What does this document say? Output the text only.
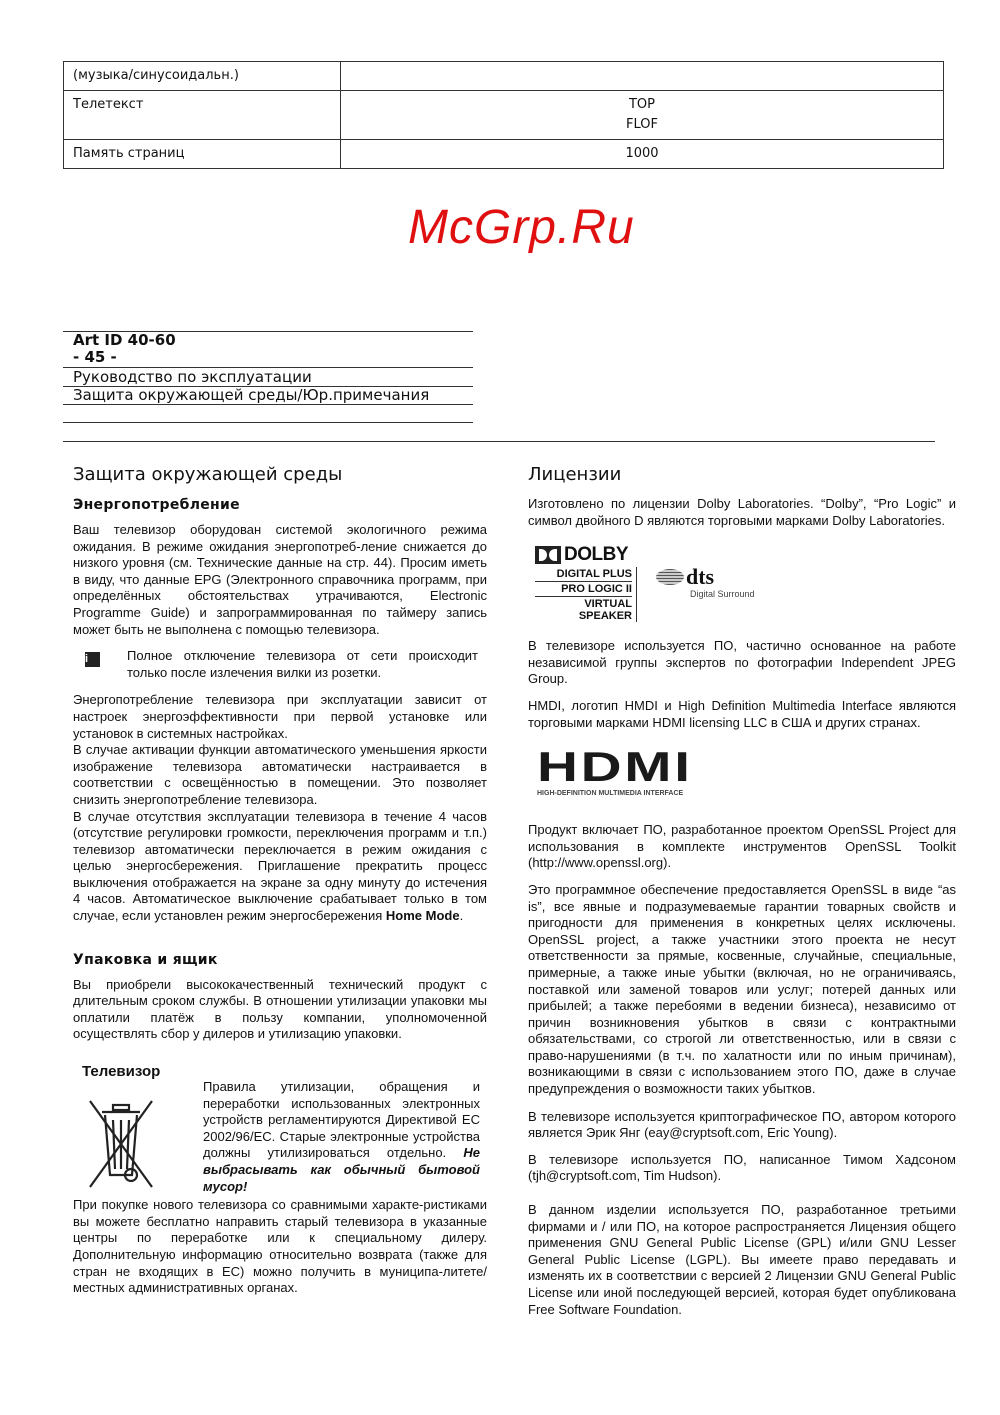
(музыка/синусоидальн.)	
Телетекст	TOP
FLOF

Память страниц	1000
McGrp.Ru
Art ID 40-60
- 45 -
Руководство по эксплуатации
Защита окружающей среды/Юр.примечания
Защита окружающей среды
Энергопотребление
Ваш телевизор оборудован системой экологичного режима ожидания. В режиме ожидания энергопотреб-ление снижается до низкого уровня (см. Технические данные на стр. 44). Просим иметь в виду, что данные EPG (Электронного справочника программ, при определённых обстоятельствах утрачиваются, Electronic Programme Guide) и запрограммированная по таймеру запись может быть не выполнена с помощью телевизора.
i	Полное отключение телевизора от сети происходит только после излечения вилки из розетки.
Энергопотребление телевизора при эксплуатации зависит от настроек энергоэффективности при первой установке или установок в системных настройках.
В случае активации функции автоматического уменьшения яркости изображение телевизора автоматически настраивается в соответствии с освещённостью в помещении. Это позволяет снизить энергопотребление телевизора.
В случае отсутствия эксплуатации телевизора в течение 4 часов (отсутствие регулировки громкости, переключения программ и т.п.) телевизор автоматически переключается в режим ожидания с целью энергосбережения. Приглашение прекратить процесс выключения отображается на экране за одну минуту до истечения 4 часов. Автоматическое выключение срабатывает только в том случае, если установлен режим энергосбережения Home Mode.
Упаковка и ящик
Вы приобрели высококачественный технический продукт с длительным сроком службы. В отношении утилизации упаковки мы оплатили платёж в пользу компании, уполномоченной осуществлять сбор у дилеров и утилизацию упаковки.
Телевизор
Правила утилизации, обращения и переработки использованных электронных устройств регламентируются Директивой ЕС 2002/96/EC. Старые электронные устройства должны утилизироваться отдельно. Не выбрасывать как обычный бытовой мусор!
При покупке нового телевизора со сравнимыми характе-ристиками вы можете бесплатно направить старый телевизора в указанные центры по переработке или к специальному дилеру. Дополнительную информацию относительно возврата (также для стран не входящих в ЕС) можно получить в муниципа-литете/местных административных органах.
Лицензии
Изготовлено по лицензии Dolby Laboratories. “Dolby”, “Pro Logic” и символ двойного D являются торговыми марками Dolby Laboratories.
DOLBY
DIGITAL PLUS
PRO LOGIC II
VIRTUAL
SPEAKER
dts
Digital Surround
В телевизоре используется ПО, частично основанное на работе независимой группы экспертов по фотографии Independent JPEG Group.
HMDI, логотип HMDI и High Definition Multimedia Interface являются торговыми марками HDMI licensing LLC в США и других странах.
HDMI
HIGH-DEFINITION MULTIMEDIA INTERFACE
Продукт включает ПО, разработанное проектом OpenSSL Project для использования в комплекте инструментов OpenSSL Toolkit (http://www.openssl.org).
Это программное обеспечение предоставляется OpenSSL в виде “as is”, все явные и подразумеваемые гарантии товарных свойств и пригодности для применения в конкретных целях исключены. OpenSSL project, а также участники этого проекта не несут ответственности за прямые, косвенные, случайные, специальные, примерные, а также иные убытки (включая, но не ограничиваясь, поставкой или заменой товаров или услуг; потерей данных или прибылей; а также перебоями в ведении бизнеса), независимо от причин возникновения убытков в связи с контрактными обязательствами, со строгой ли ответственностью, или в связи с право-нарушениями (в т.ч. по халатности или по иным причинам), возникающими в связи с использованием этого ПО, даже в случае предупреждения о возможности таких убытков.
В телевизоре используется криптографическое ПО, автором которого является Эрик Янг (eay@cryptsoft.com, Eric Young).
В телевизоре используется ПО, написанное Тимом Хадсоном (tjh@cryptsoft.com, Tim Hudson).
В данном изделии используется ПО, разработанное третьими фирмами и / или ПО, на которое распространяется Лицензия общего применения GNU General Public License (GPL) и/или GNU Lesser General Public License (LGPL). Вы имеете право передавать и изменять их в соответствии с версией 2 Лицензии GNU General Public License или иной последующей версией, которая будет опубликована Free Software Foundation.
